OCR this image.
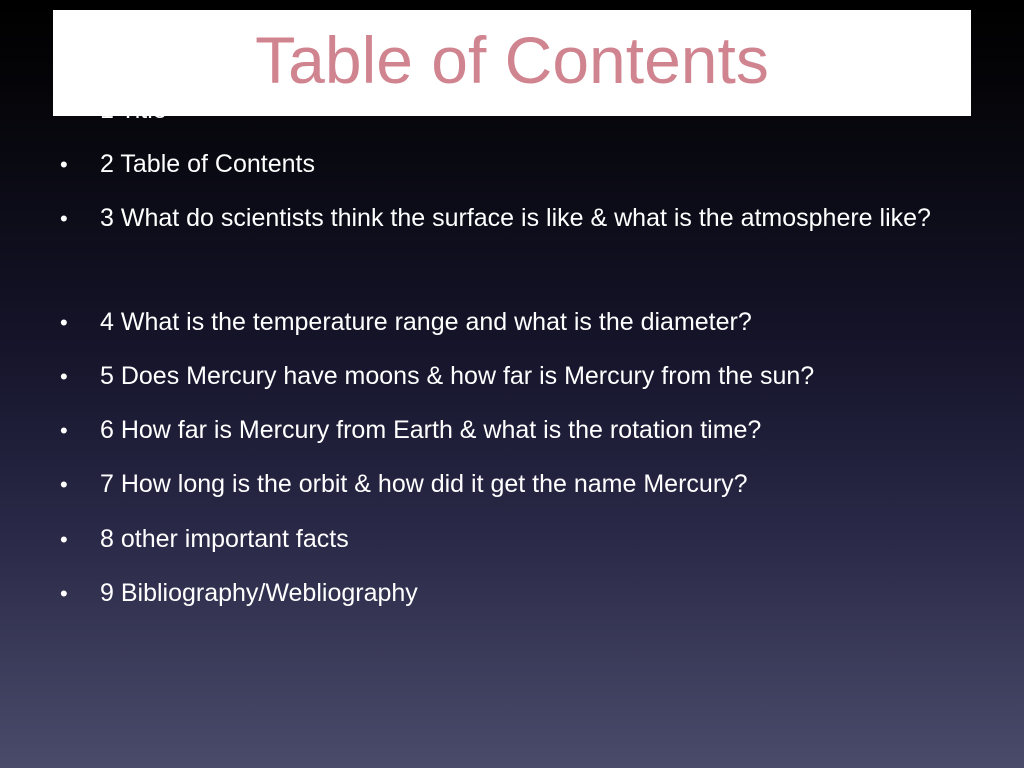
•
• 2 Table of Contents
• 3 What do scientists think the surface is like & what is the atmosphere like?
• 4 What is the temperature range and what is the diameter?
• 5 Does Mercury have moons & how far is Mercury from the sun?
• 6 How far is Mercury from Earth & what is the rotation time?
• 7 How long is the orbit & how did it get the name Mercury?
• 8 other important facts
• 9 Bibliography/Webliography
Table of Contents
